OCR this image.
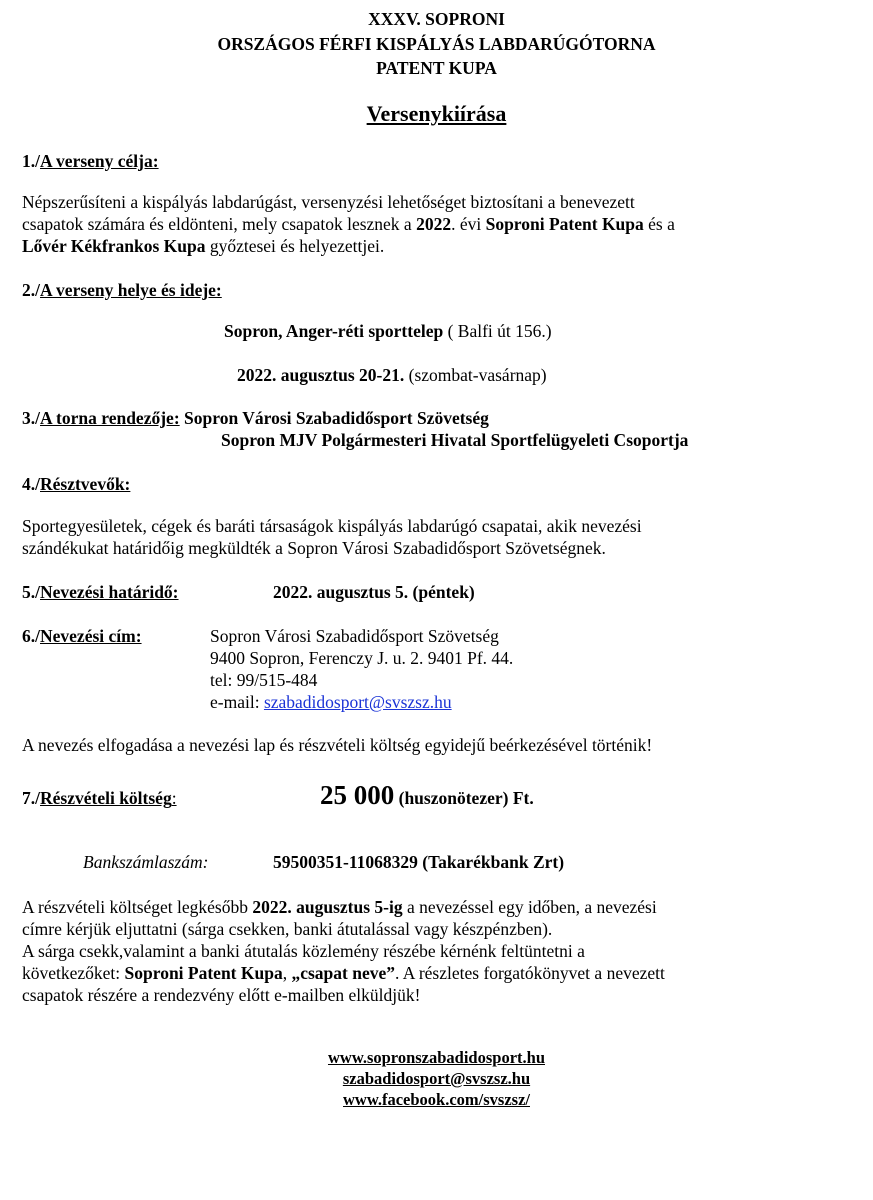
XXXV. SOPRONI
ORSZÁGOS FÉRFI KISPÁLYÁS LABDARÚGÓTORNA
PATENT KUPA
Versenykiírása
1./A verseny célja:
Népszerűsíteni a kispályás labdarúgást, versenyzési lehetőséget biztosítani a benevezett
csapatok számára és eldönteni, mely csapatok lesznek a 2022. évi Soproni Patent Kupa és a
Lővér Kékfrankos Kupa győztesei és helyezettjei.
2./A verseny helye és ideje:
Sopron, Anger-réti sporttelep ( Balfi út 156.)
2022. augusztus 20-21. (szombat-vasárnap)
3./A torna rendezője: Sopron Városi Szabadidősport Szövetség
Sopron MJV Polgármesteri Hivatal Sportfelügyeleti Csoportja
4./Résztvevők:
Sportegyesületek, cégek és baráti társaságok kispályás labdarúgó csapatai, akik nevezési
szándékukat határidőig megküldték a Sopron Városi Szabadidősport Szövetségnek.
5./Nevezési határidő:	2022. augusztus 5. (péntek)
6./Nevezési cím:	Sopron Városi Szabadidősport Szövetség
9400 Sopron, Ferenczy J. u. 2. 9401 Pf. 44.
tel: 99/515-484
e-mail: szabadidosport@svszsz.hu
A nevezés elfogadása a nevezési lap és részvételi költség egyidejű beérkezésével történik!
7./Részvételi költség:	25 000 (huszonötezer) Ft.
Bankszámlaszám:	59500351-11068329 (Takarékbank Zrt)
A részvételi költséget legkésőbb 2022. augusztus 5-ig a nevezéssel egy időben, a nevezési
címre kérjük eljuttatni (sárga csekken, banki átutalással vagy készpénzben).
A sárga csekk,valamint a banki átutalás közlemény részébe kérnénk feltüntetni a
következőket: Soproni Patent Kupa, „csapat neve”. A részletes forgatókönyvet a nevezett
csapatok részére a rendezvény előtt e-mailben elküldjük!
www.sopronszabadidosport.hu
szabadidosport@svszsz.hu
www.facebook.com/svszsz/
